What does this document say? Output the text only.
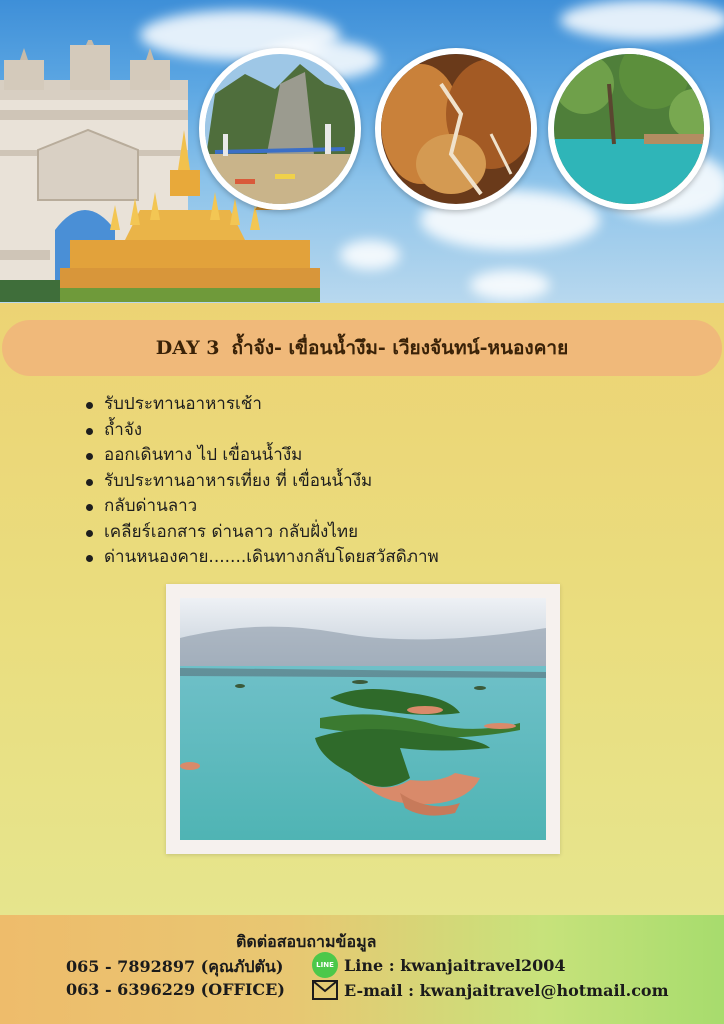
DAY 3 ถ้ำจัง- เขื่อนน้ำงึม- เวียงจันทน์-หนองคาย
รับประทานอาหารเช้า
ถ้ำจัง
ออกเดินทาง ไป เขื่อนน้ำงึม
รับประทานอาหารเที่ยง ที่ เขื่อนน้ำงึม
กลับด่านลาว
เคลียร์เอกสาร ด่านลาว กลับฝั่งไทย
ด่านหนองคาย.......เดินทางกลับโดยสวัสดิภาพ
ติดต่อสอบถามข้อมูล
065 - 7892897 (คุณภัปตัน)
063 - 6396229 (OFFICE)
LINE Line : kwanjaitravel2004
E-mail : kwanjaitravel@hotmail.com
